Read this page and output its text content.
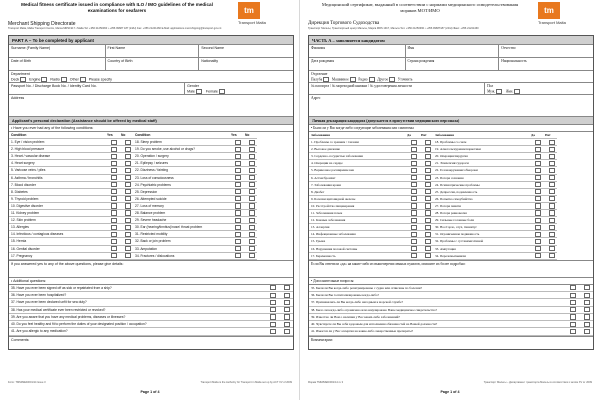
Medical fitness certificate issued in compliance with ILO / IMO guidelines of the medical examinations for seafarers	tm
Transport Malta
Merchant Shipping Directorate
Transport Malta, Malta Transport Centre, Marsa MRS1917 • Malta Tel: +356 21250360 • +356 99687 187 (24/H) Fax: +356 21241460 E-Mail: applications.mercshipping@transport.gov.mt
PART A – To be completed by applicant
Surname (Family Name)	First Name	Second Name
Date of Birth	Country of Birth	Nationality
Department
Deck	Engine	Radio	Other	Please specify
Passport No. / Discharge Book No. / Identity Card No.	Gender
Male	Female
Address
Applicant's personal declaration (Assistance should be offered by medical staff)
• Have you ever had any of the following conditions:
Condition	Yes	No	Condition	Yes	No
1. Eye / vision problem	18. Sleep problem
2. High blood pressure	19. Do you smoke, use alcohol or drugs?
3. Heart / vascular disease	20. Operation / surgery
4. Heart surgery	21. Epilepsy / seizures
5. Varicose veins / piles	22. Dizziness / fainting
6. Asthma / bronchitis	23. Loss of consciousness
7. Blood disorder	24. Psychiatric problems
8. Diabetes	25. Depression
9. Thyroid problem	26. Attempted suicide
10. Digestive disorder	27. Loss of memory
11. Kidney problem	28. Balance problem
12. Skin problem	29. Severe headache
13. Allergies	30. Ear (hearing/tinnitus)/nose/ throat problem
14. Infectious / contagious diseases	31. Restricted mobility
15. Hernia	32. Back or join problem
16. Genital disorder	33. Amputation
17. Pregnancy	34. Fractures / dislocations
If you answered yes to any of the above questions, please give details:
• Additional questions:
35. Have you ever been signed off as sick or repatriated from a ship?
36. Have you ever been hospitalized?
37. Have you ever been declared unfit for sea duty?
38. Has your medical certificate ever been restricted or revoked?
39. Are you aware that you have any medical problems, diseases or illnesses?
40. Do you feel healthy and fit to perform the duties of your designated position / occupation?
41. Are you allergic to any medication?
Comments:
Form: TMM/MED/001/14 Issue 3	Transport Malta is the Authority for Transport in Malta set up by ACT XV of 2009
Page 1 of 4
Медицинский сертификат, выданный в соответствии с нормами медицинского освидетельствования моряков МОТ/ИМО	tm
Transport Malta
Дирекция Торгового Судоходства
Транспорт Мальты, Транспортный центр Мальты, Марса MRS 1917, Мальта Тел: +356 21250360 • +356 99687187 (24/H) Факс: +356 21241460
ЧАСТЬ А – заполняется кандидатом
Фамилия	Имя	Отчество
Дата рождения	Страна рождения	Национальность
Отделение
Палуба	Машинное	Радио	Другое	Уточнить
№ паспорта / № мореходной книжки / № удостоверения личности	Пол
Муж.	Жен.
Адрес
Личная декларация кандидата (допускается в присутствии медицинского персонала)
• Были ли у Вас когда-либо следующие заболевания или симптомы
Заболевания	Да	Нет	Заболевания	Да	Нет
1. Проблемы со зрением / глазами	18. Проблемы со сном
2. Высокое давление	19. Алкоголь/курение/наркотики
3. Сердечно-сосудистые заболевания	20. Операции/хирургия
4. Операции на сердце	21. Эпилепсия/судороги
5. Варикозное расширение вен	22. Головокружение/обмороки
6. Астма/бронхит	23. Потеря сознания
7. Заболевания крови	24. Психиатрические проблемы
8. Диабет	25. Депрессия, подавленность
9. Болезни щитовидной железы	26. Попытка самоубийства
10. Расстройство пищеварения	27. Потеря памяти
11. Заболевания почек	28. Потеря равновесия
12. Кожные заболевания	29. Сильные головные боли
13. Аллергия	30. Нос/горло, слух, тиннитус
14. Инфекционные заболевания	31. Ограниченная подвижность
15. Грыжа	32. Проблемы с суставами/спиной
16. Нарушения половой системы	33. Ампутация
17. Беременность	34. Переломы/вывихи
Если Вы ответили «да» на какие-либо из вышеперечисленных пунктов, опишите их более подробно:
• Дополнительные вопросы:
35. Были ли Вы когда-либо репатриированы с судна или отписаны по болезни?
36. Были ли Вы госпитализированы когда-либо?
37. Признавались ли Вы когда-либо негодным к морской службе?
38. Было ли когда-либо ограничено или аннулировано Ваше медицинское свидетельство?
39. Известно ли Вам о наличии у Вас каких-либо заболеваний?
40. Чувствуете ли Вы себя здоровым для исполнения обязанностей на Вашей должности?
41. Имеется ли у Вас аллергия на какие-либо лекарственные препараты?
Комментарии:
Форма TMM/MED/001/14 ru 3	Транспорт Мальты – Департамент транспорта Мальты в соответствии с актом XV от 2009
Page 1 of 4
